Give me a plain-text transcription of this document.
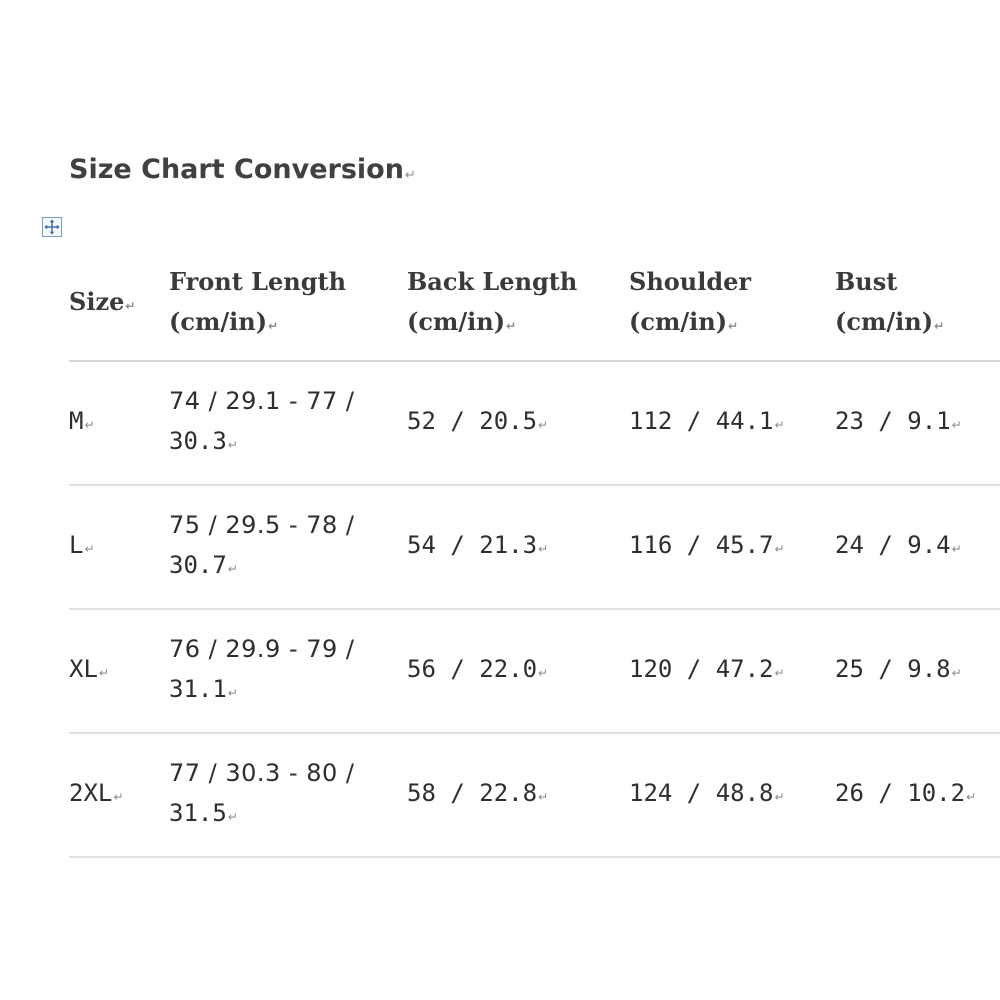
Size Chart Conversion↵
Size↵	Front Length
(cm/in)↵	Back Length
(cm/in)↵	Shoulder
(cm/in)↵	Bust
(cm/in)↵

M↵	74 / 29.1 - 77 /
30.3↵	52 / 20.5↵	112 / 44.1↵	23 / 9.1↵
L↵	75 / 29.5 - 78 /
30.7↵	54 / 21.3↵	116 / 45.7↵	24 / 9.4↵
XL↵	76 / 29.9 - 79 /
31.1↵	56 / 22.0↵	120 / 47.2↵	25 / 9.8↵
2XL↵	77 / 30.3 - 80 /
31.5↵	58 / 22.8↵	124 / 48.8↵	26 / 10.2↵
